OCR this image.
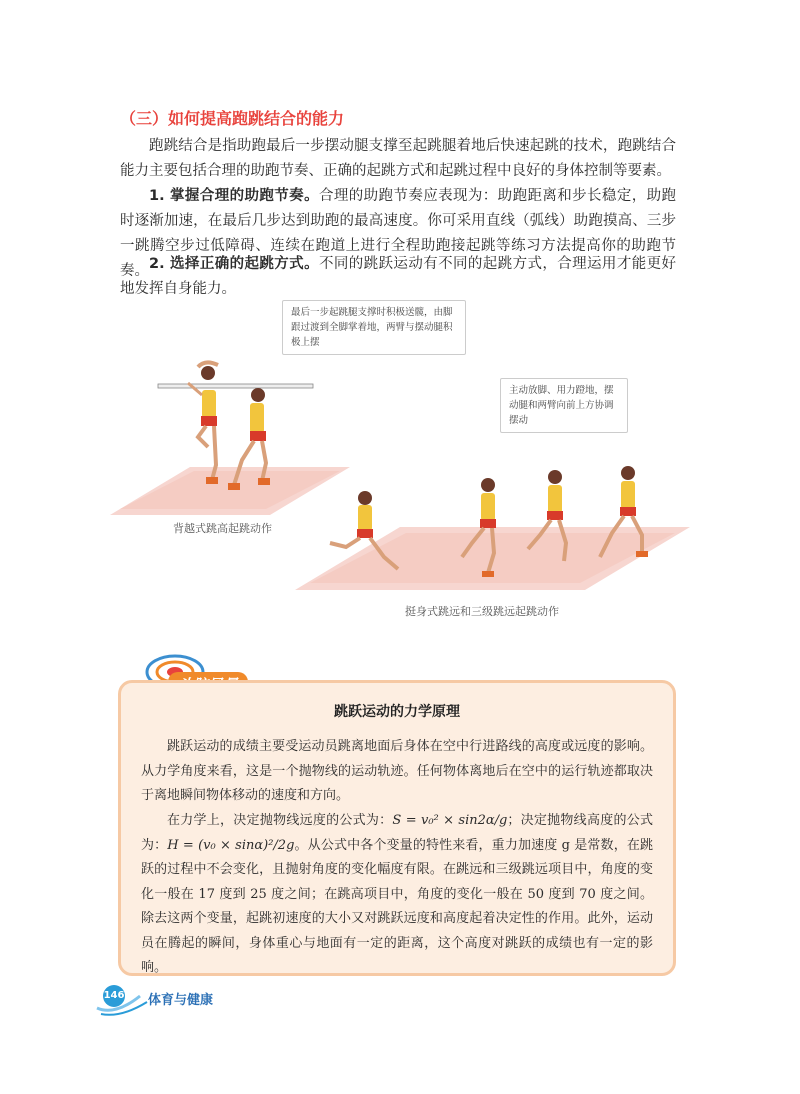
（三）如何提高跑跳结合的能力
跑跳结合是指助跑最后一步摆动腿支撑至起跳腿着地后快速起跳的技术，跑跳结合能力主要包括合理的助跑节奏、正确的起跳方式和起跳过程中良好的身体控制等要素。
1. 掌握合理的助跑节奏。合理的助跑节奏应表现为：助跑距离和步长稳定，助跑时逐渐加速，在最后几步达到助跑的最高速度。你可采用直线（弧线）助跑摸高、三步一跳腾空步过低障碍、连续在跑道上进行全程助跑接起跳等练习方法提高你的助跑节奏。 2. 选择正确的起跳方式。不同的跳跃运动有不同的起跳方式，合理运用才能更好地发挥自身能力。
最后一步起跳腿支撑时积极送髋，由脚跟过渡到全脚掌着地，两臂与摆动腿积极上摆
主动放脚、用力蹬地，摆动腿和两臂向前上方协调摆动
背越式跳高起跳动作
挺身式跳远和三级跳远起跳动作
跳跃运动的力学原理
跳跃运动的成绩主要受运动员跳离地面后身体在空中行进路线的高度或远度的影响。从力学角度来看，这是一个抛物线的运动轨迹。任何物体离地后在空中的运行轨迹都取决于离地瞬间物体移动的速度和方向。
在力学上，决定抛物线远度的公式为：S = v₀² × sin2α/g；决定抛物线高度的公式为：H = (v₀ × sinα)²/2g。从公式中各个变量的特性来看，重力加速度 g 是常数，在跳跃的过程中不会变化，且抛射角度的变化幅度有限。在跳远和三级跳远项目中，角度的变化一般在 17 度到 25 度之间；在跳高项目中，角度的变化一般在 50 度到 70 度之间。除去这两个变量，起跳初速度的大小又对跳跃远度和高度起着决定性的作用。此外，运动员在腾起的瞬间，身体重心与地面有一定的距离，这个高度对跳跃的成绩也有一定的影响。
146 体育与健康
